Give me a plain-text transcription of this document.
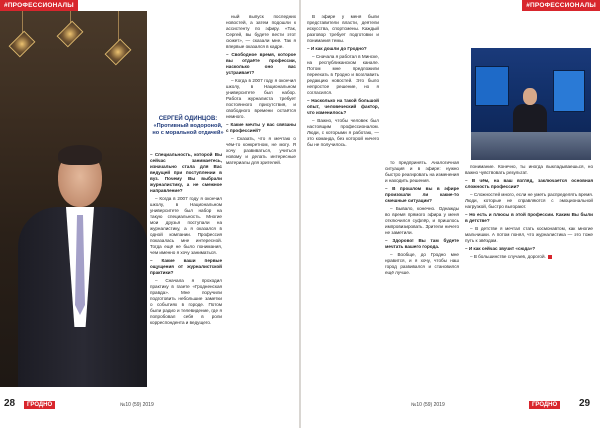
#ПРОФЕССИОНАЛЫ
СЕРГЕЙ ОДИНЦОВ:
«Противный водороной, но с моральной отдачей»

– Специальность, которой Вы сейчас занимаетесь, изначально стала для Вас ведущей при поступлении в вуз. Почему Вы выбрали журналистику, а не смежное направление?

– Когда в 2007 году я окончил школу, в Национальном университете был набор на такую специальность. Многие мои друзья поступали на журналистику, а я оказался в одной компании. Профессия показалась мне интересной. Тогда ещё не было понимания, чем именно я хочу заниматься.

– Какие ваши первые ощущения от журналистской практики?

– Сначала я проходил практику в газете «Гродненская правда». Мне поручили подготовить небольшие заметки о событиях в городе. Потом были радио и телевидение, где я попробовал себя в роли корреспондента и ведущего.

ный выпуск последних новостей, а затем подошли к ассистенту по эфиру. «Так, Сергей, вы будете вести этот сюжет», — сказали мне. Так я впервые оказался в кадре.

– Свободное время, которое вы отдаёте профессии, насколько оно вас устраивает?

– Когда в 2007 году я окончил школу, в Национальном университете был набор. Работа журналиста требует постоянного присутствия, и свободного времени остаётся немного.

– Какие мечты у вас связаны с профессией?

– Сказать, что я мечтаю о чём-то конкретном, не могу. Я хочу развиваться, учиться новому и делать интересные материалы для зрителей.

28	ГРОДНО	№10 (59) 2019
#ПРОФЕССИОНАЛЫ

В эфире у меня были представители власти, деятели искусства, спортсмены. Каждый разговор требует подготовки и понимания темы.

– И как дошли до Гродно?

– Сначала я работал в Минске, на республиканском канале. Потом мне предложили переехать в Гродно и возглавить редакцию новостей. Это было непростое решение, но я согласился.

– Насколько на такой большой опыт, человеческий фактор, что изменилось?

– Важно, чтобы человек был настоящим профессионалом. Люди, с которыми я работаю, — это команда, без которой ничего бы не получилось.

то предпринять. Аналогичная ситуация и в эфире: нужно быстро реагировать на изменения и находить решения.

– В прошлом вы в эфире произошли ли какие-то смешные ситуации?

– Бывало, конечно. Однажды во время прямого эфира у меня отключился суфлёр, и пришлось импровизировать. Зрители ничего не заметили.

– Здорово! Вы там будете мечтать вашего города.

– Вообще, до Гродно мне нравится, и я хочу, чтобы наш город развивался и становился ещё лучше.

понимание. Конечно, ты иногда выкладываешься, но важно чувствовать результат.

– В чём, на ваш взгляд, заключается основная сложность профессии?

– Сложностей много, если не уметь распределять время. Люди, которые не справляются с эмоциональной нагрузкой, быстро выгорают.

– Но есть и плюсы в этой профессии. Каким Вы были в детстве?

– В детстве я мечтал стать космонавтом, как многие мальчишки. А потом понял, что журналистика — это тоже путь к звёздам.

– И как сейчас звучит «сюда»?

– В большинстве случаев, дорогой.

№10 (59) 2019	ГРОДНО	29
